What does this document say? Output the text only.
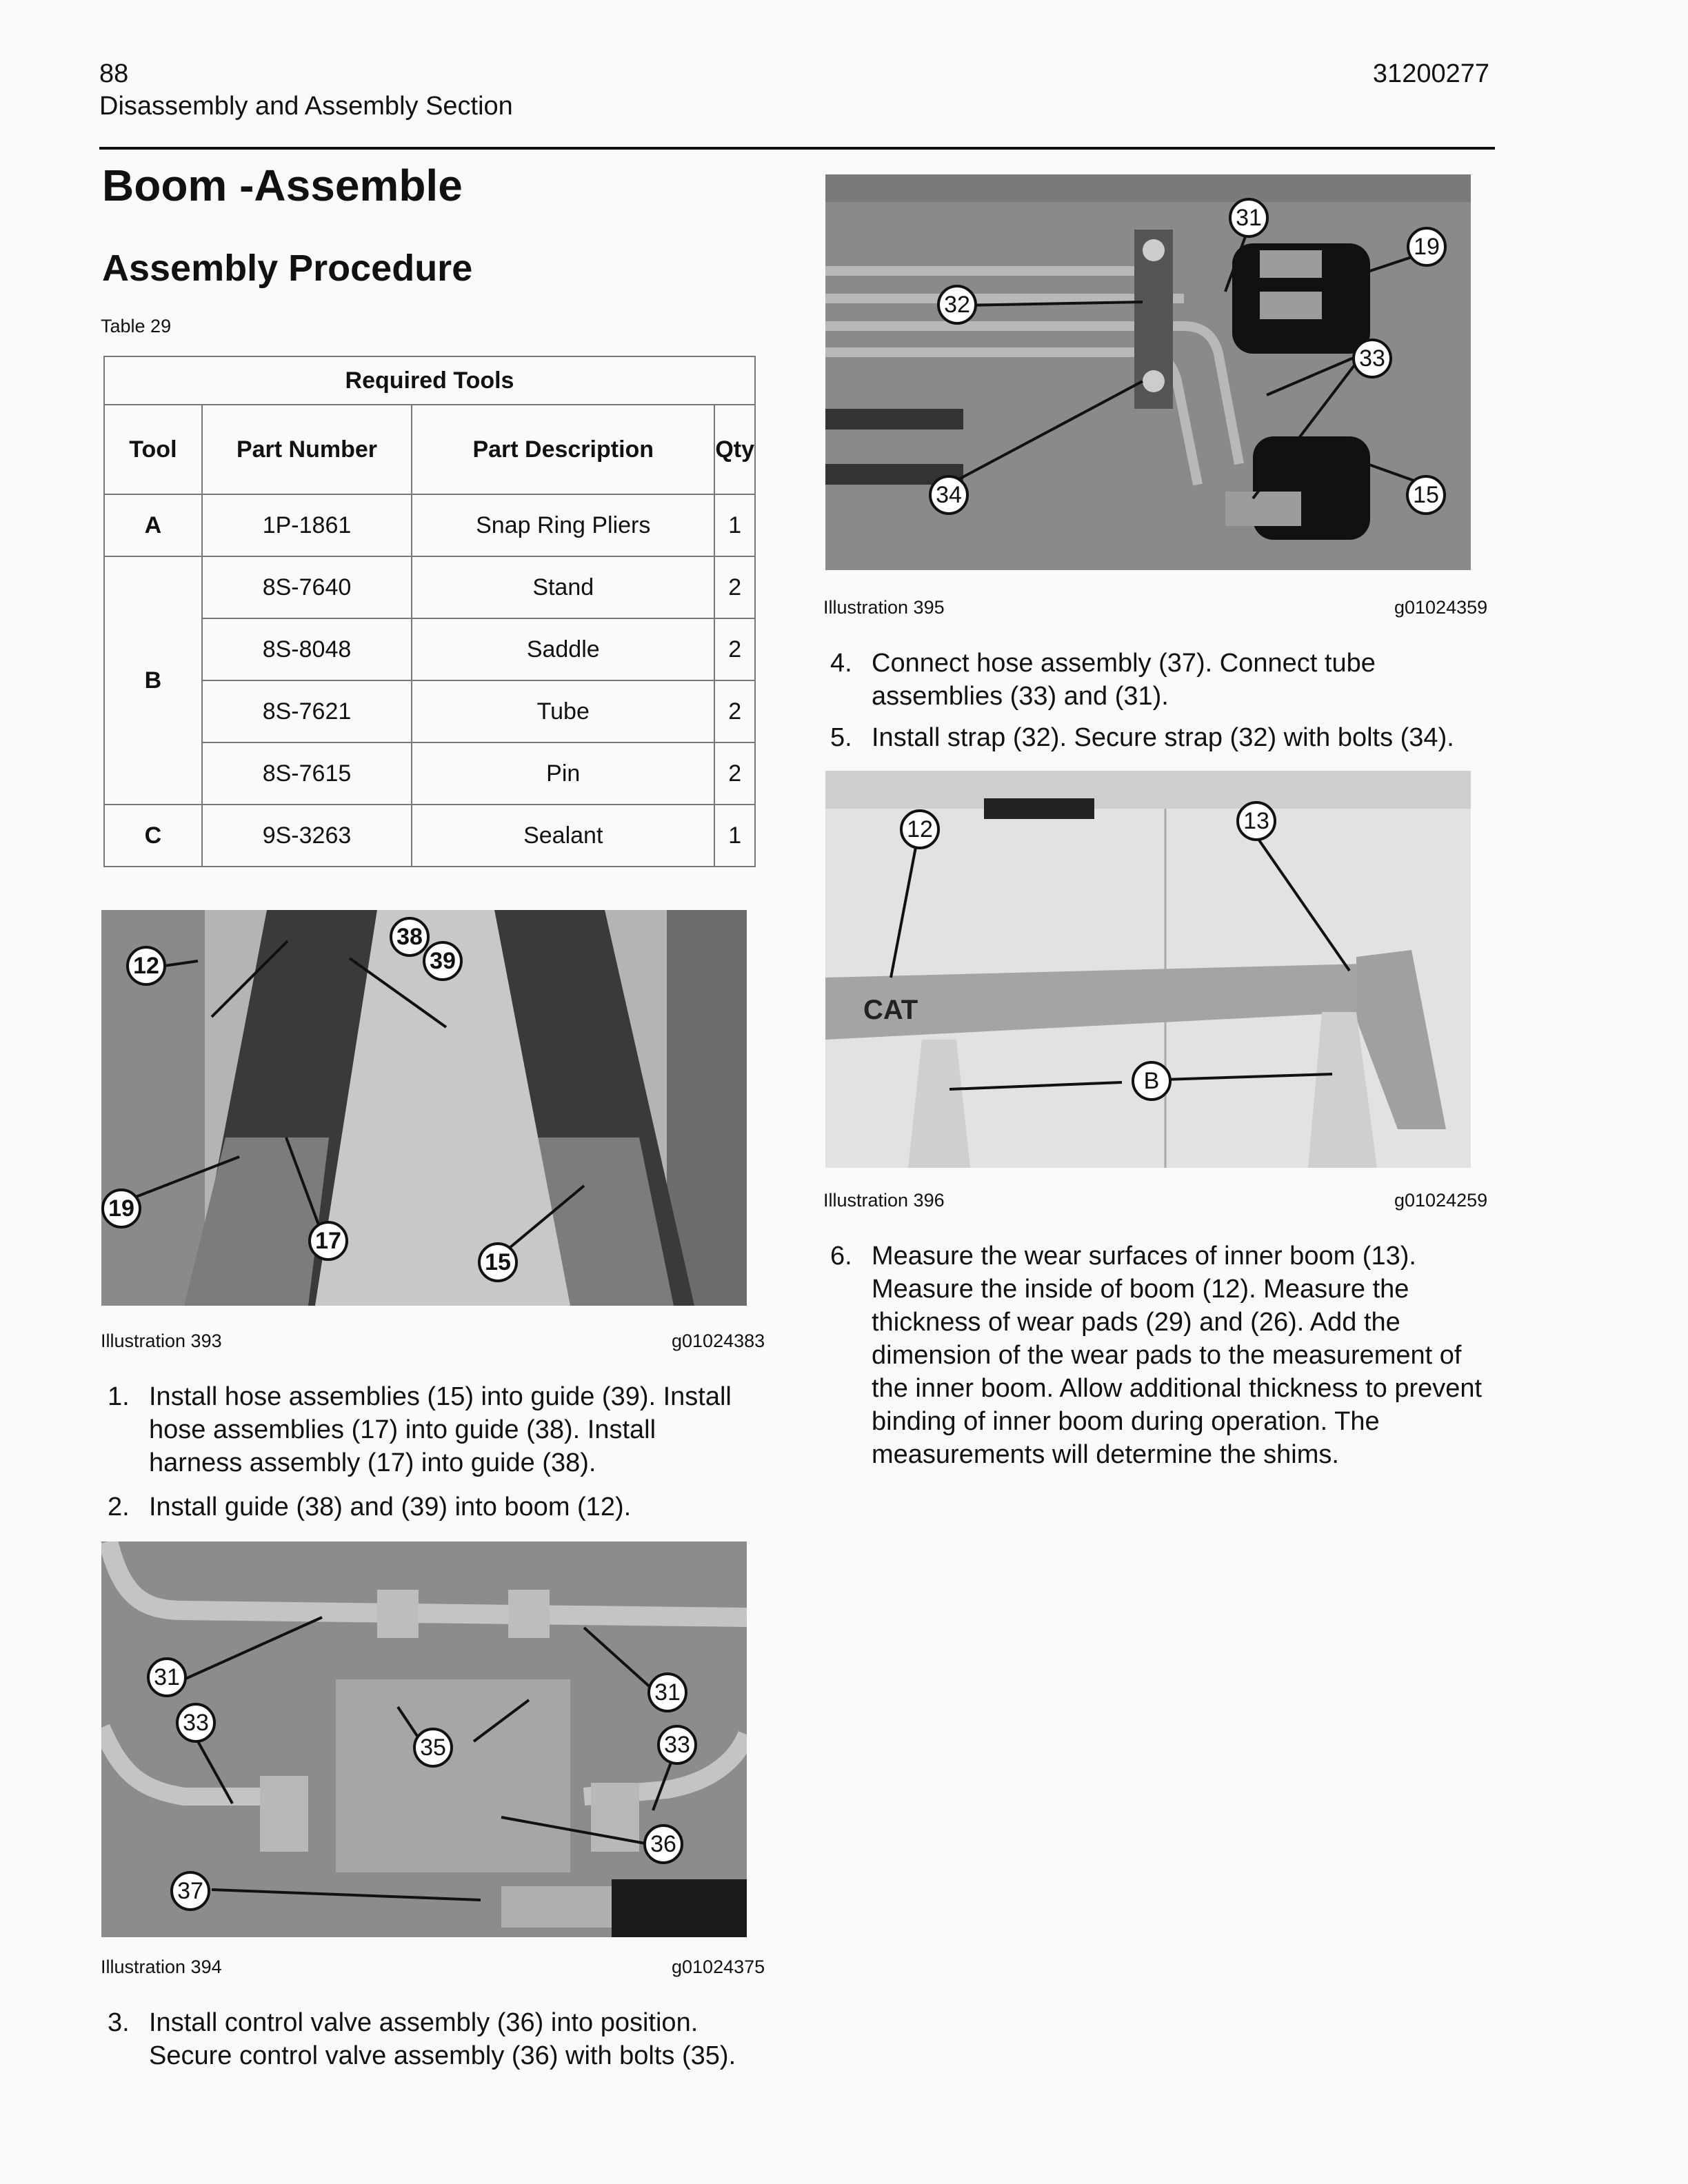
88
Disassembly and Assembly Section
31200277
Boom -Assemble
Assembly Procedure
Table 29
Required Tools			
Tool	Part Number	Part Description	Qty
A	1P-1861	Snap Ring Pliers	1
B	8S-7640	Stand	2
	8S-8048	Saddle	2
	8S-7621	Tube	2
	8S-7615	Pin	2
C	9S-3263	Sealant	1
12
38
39
19
17
15
Illustration 393	g01024383
1. Install hose assemblies (15) into guide (39). Install hose assemblies (17) into guide (38). Install harness assembly (17) into guide (38).
2. Install guide (38) and (39) into boom (12).
31
33
35
31
33
36
37
Illustration 394	g01024375
3. Install control valve assembly (36) into position. Secure control valve assembly (36) with bolts (35).
31
19
32
33
34	15
Illustration 395	g01024359
4. Connect hose assembly (37). Connect tube assemblies (33) and (31).
5. Install strap (32). Secure strap (32) with bolts (34).
CAT
12	13
B
Illustration 396	g01024259
6. Measure the wear surfaces of inner boom (13). Measure the inside of boom (12). Measure the thickness of wear pads (29) and (26). Add the dimension of the wear pads to the measurement of the inner boom. Allow additional thickness to prevent binding of inner boom during operation. The measurements will determine the shims.
